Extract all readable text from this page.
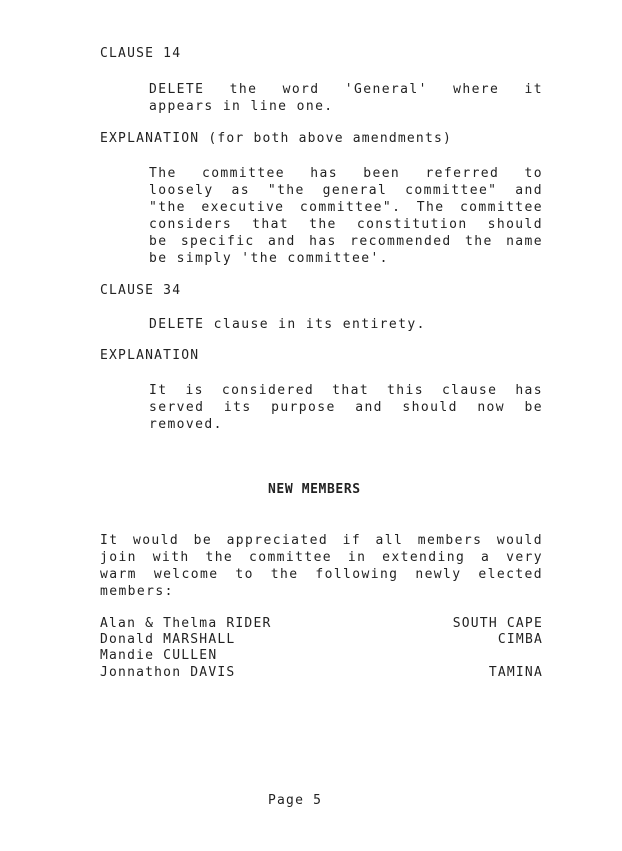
CLAUSE 14
DELETE the word 'General' where it
appears in line one.
EXPLANATION (for both above amendments)
The committee has been referred to
loosely as "the general committee" and
"the executive committee". The committee
considers that the constitution should
be specific and has recommended the name
be simply 'the committee'.
CLAUSE 34
DELETE clause in its entirety.
EXPLANATION
It is considered that this clause has
served its purpose and should now be
removed.
NEW MEMBERS
It would be appreciated if all members would
join with the committee in extending a very
warm welcome to the following newly elected
members:
Alan & Thelma RIDER	SOUTH CAPE
Donald MARSHALL	CIMBA
Mandie CULLEN
Jonnathon DAVIS	TAMINA
Page 5
